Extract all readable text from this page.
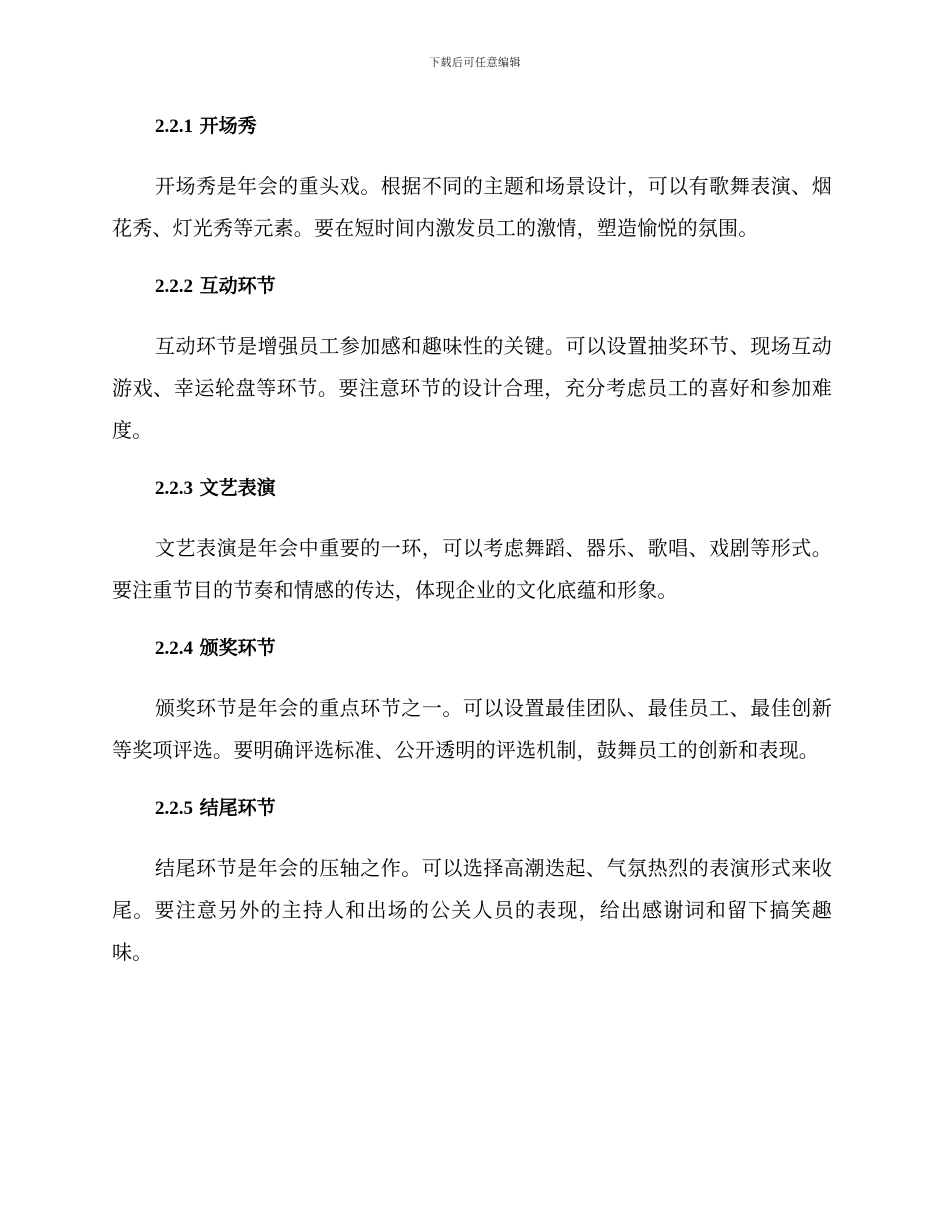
下载后可任意编辑
2.2.1 开场秀

开场秀是年会的重头戏。根据不同的主题和场景设计，可以有歌舞表演、烟花秀、灯光秀等元素。要在短时间内激发员工的激情，塑造愉悦的氛围。

2.2.2 互动环节

互动环节是增强员工参加感和趣味性的关键。可以设置抽奖环节、现场互动游戏、幸运轮盘等环节。要注意环节的设计合理，充分考虑员工的喜好和参加难度。

2.2.3 文艺表演

文艺表演是年会中重要的一环，可以考虑舞蹈、器乐、歌唱、戏剧等形式。要注重节目的节奏和情感的传达，体现企业的文化底蕴和形象。

2.2.4 颁奖环节

颁奖环节是年会的重点环节之一。可以设置最佳团队、最佳员工、最佳创新等奖项评选。要明确评选标准、公开透明的评选机制，鼓舞员工的创新和表现。

2.2.5 结尾环节

结尾环节是年会的压轴之作。可以选择高潮迭起、气氛热烈的表演形式来收尾。要注意另外的主持人和出场的公关人员的表现，给出感谢词和留下搞笑趣味。
